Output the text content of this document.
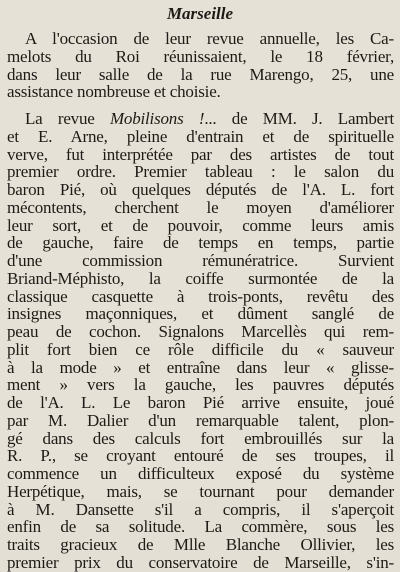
Marseille
A l'occasion de leur revue annuelle, les Ca-
melots du Roi réunissaient, le 18 février,
dans leur salle de la rue Marengo, 25, une
assistance nombreuse et choisie.
La revue Mobilisons !... de MM. J. Lambert
et E. Arne, pleine d'entrain et de spirituelle
verve, fut interprétée par des artistes de tout
premier ordre. Premier tableau : le salon du
baron Pié, où quelques députés de l'A. L. fort
mécontents, cherchent le moyen d'améliorer
leur sort, et de pouvoir, comme leurs amis
de gauche, faire de temps en temps, partie
d'une commission rémunératrice. Survient
Briand-Méphisto, la coiffe surmontée de la
classique casquette à trois-ponts, revêtu des
insignes maçonniques, et dûment sanglé de
peau de cochon. Signalons Marcellès qui rem-
plit fort bien ce rôle difficile du « sauveur
à la mode » et entraîne dans leur « glisse-
ment » vers la gauche, les pauvres députés
de l'A. L. Le baron Pié arrive ensuite, joué
par M. Dalier d'un remarquable talent, plon-
gé dans des calculs fort embrouillés sur la
R. P., se croyant entouré de ses troupes, il
commence un difficulteux exposé du système
Herpétique, mais, se tournant pour demander
à M. Dansette s'il a compris, il s'aperçoit
enfin de sa solitude. La commère, sous les
traits gracieux de Mlle Blanche Ollivier, les
premier prix du conservatoire de Marseille, s'in-
